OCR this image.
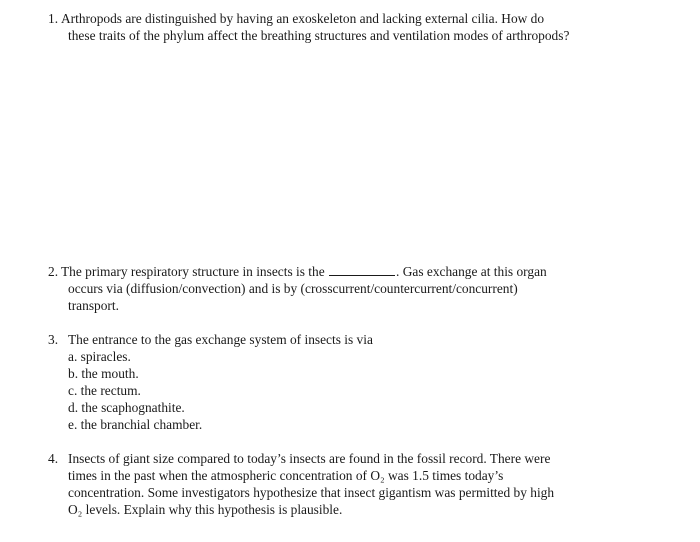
1. Arthropods are distinguished by having an exoskeleton and lacking external cilia. How do
these traits of the phylum affect the breathing structures and ventilation modes of arthropods?
2. The primary respiratory structure in insects is the	. Gas exchange at this organ
occurs via (diffusion/convection) and is by (crosscurrent/countercurrent/concurrent)
transport.
3. The entrance to the gas exchange system of insects is via
a. spiracles.
b. the mouth.
c. the rectum.
d. the scaphognathite.
e. the branchial chamber.
4. Insects of giant size compared to today’s insects are found in the fossil record. There were
times in the past when the atmospheric concentration of O₂ was 1.5 times today’s
concentration. Some investigators hypothesize that insect gigantism was permitted by high
O₂ levels. Explain why this hypothesis is plausible.
